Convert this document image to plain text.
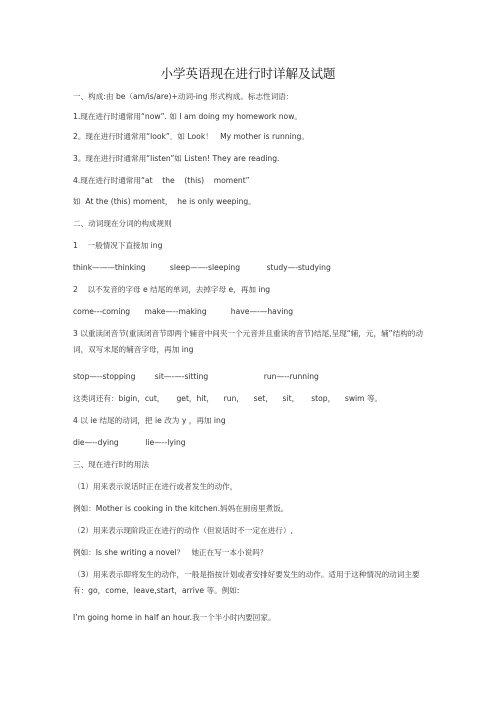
小学英语现在进行时详解及试题
一、构成:由 be（am/is/are)+动词-ing 形式构成。标志性词语：
1.现在进行时通常用“now”. 如 I am doing my homework now。
2。现在进行时通常用“look”．如 Look！   My mother is running。
3。现在进行时通常用“listen”如 Listen! They are reading.
4.现在进行时通常用“at    the    (this)    moment”
如  At the (this) moment，  he is only weeping。
二、动词现在分词的构成规则
1    一般情况下直接加 ing
think———thinking          sleep——-sleeping           study—-studying
2    以不发音的字母 e 结尾的单词，去掉字母 e，再加 ing
come---coming      make—--making          have—-—having
3 以重读闭音节(重读闭音节即两个辅音中间夹一个元音并且重读的音节)结尾,呈现“辅，元，辅”结构的动词，双写末尾的辅音字母，再加 ing
stop—--stopping        sit—-—-sitting                       run—--running
这类词还有：bigin，cut，     get，hit，    run，    set，    sit，     stop，    swim 等。
4 以 ie 结尾的动词，把 ie 改为 y ，再加 ing
die—--dying           lie—--lying
三、现在进行时的用法
（1）用来表示说话时正在进行或者发生的动作，
例如：Mother is cooking in the kitchen.妈妈在厨房里煮饭。
（2）用来表示现阶段正在进行的动作（但说话时不一定在进行）,
例如：Is she writing a novel？   她正在写一本小说吗？
（3）用来表示即将发生的动作，一般是指按计划或者安排好要发生的动作。适用于这种情况的动词主要有：go，come，leave,start，arrive 等。例如:
I’m going home in half an hour.我一个半小时内要回家。
